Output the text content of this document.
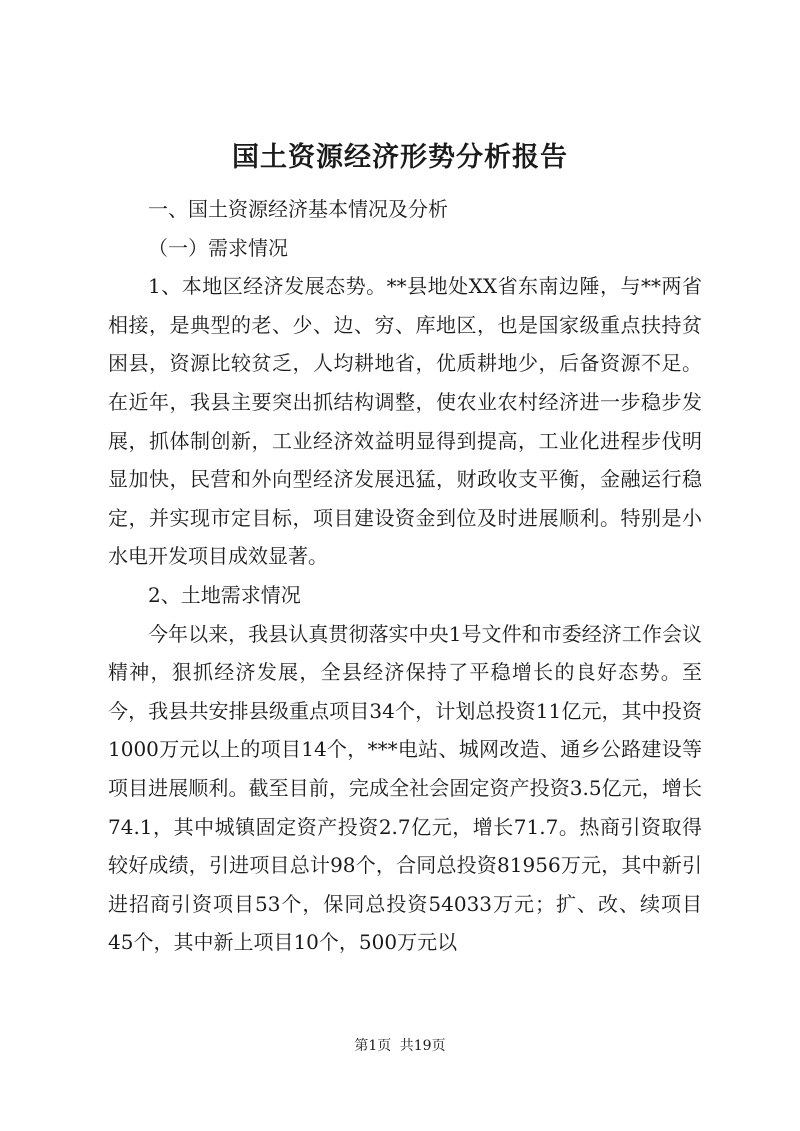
国土资源经济形势分析报告

一、国土资源经济基本情况及分析

（一）需求情况

1、本地区经济发展态势。**县地处XX省东南边陲，与**两省相接，是典型的老、少、边、穷、库地区，也是国家级重点扶持贫困县，资源比较贫乏，人均耕地省，优质耕地少，后备资源不足。在近年，我县主要突出抓结构调整，使农业农村经济进一步稳步发展，抓体制创新，工业经济效益明显得到提高，工业化进程步伐明显加快，民营和外向型经济发展迅猛，财政收支平衡，金融运行稳定，并实现市定目标，项目建设资金到位及时进展顺利。特别是小水电开发项目成效显著。

2、土地需求情况

今年以来，我县认真贯彻落实中央1号文件和市委经济工作会议精神，狠抓经济发展，全县经济保持了平稳增长的良好态势。至今，我县共安排县级重点项目34个，计划总投资11亿元，其中投资1000万元以上的项目14个，***电站、城网改造、通乡公路建设等项目进展顺利。截至目前，完成全社会固定资产投资3.5亿元，增长74.1，其中城镇固定资产投资2.7亿元，增长71.7。热商引资取得较好成绩，引进项目总计98个，合同总投资81956万元，其中新引进招商引资项目53个，保同总投资54033万元；扩、改、续项目45个，其中新上项目10个，500万元以

第1页 共19页
